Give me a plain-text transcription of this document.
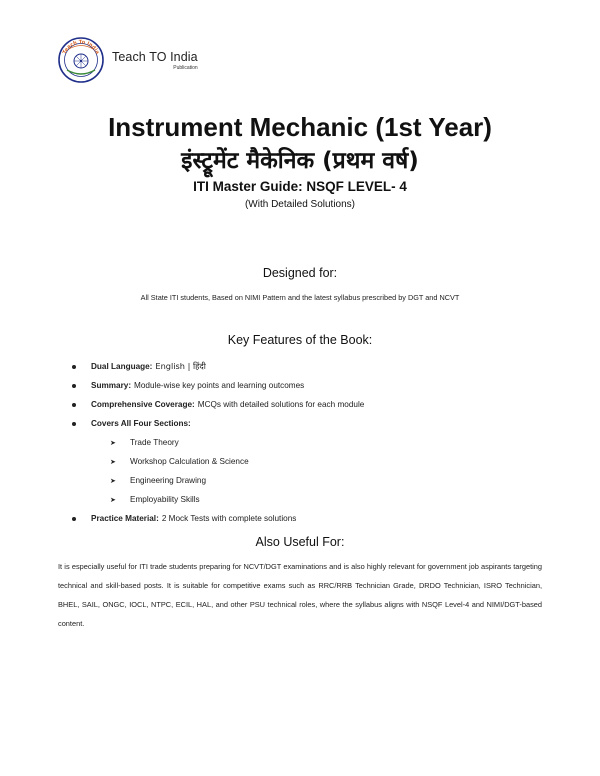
Teach To India Teach TO India
Publication
Instrument Mechanic (1st Year)
इंस्ट्रूमेंट मैकेनिक (प्रथम वर्ष)
ITI Master Guide: NSQF LEVEL- 4
(With Detailed Solutions)
Designed for:
All State ITI students, Based on NIMI Pattern and the latest syllabus prescribed by DGT and NCVT
Key Features of the Book:
Dual Language: English | हिंदी
Summary: Module-wise key points and learning outcomes
Comprehensive Coverage: MCQs with detailed solutions for each module
Covers All Four Sections:
➤ Trade Theory
➤ Workshop Calculation & Science
➤ Engineering Drawing
➤ Employability Skills
Practice Material: 2 Mock Tests with complete solutions
Also Useful For:
It is especially useful for ITI trade students preparing for NCVT/DGT examinations and is also highly relevant for government job aspirants targeting technical and skill-based posts. It is suitable for competitive exams such as RRC/RRB Technician Grade, DRDO Technician, ISRO Technician, BHEL, SAIL, ONGC, IOCL, NTPC, ECIL, HAL, and other PSU technical roles, where the syllabus aligns with NSQF Level-4 and NIMI/DGT-based content.
